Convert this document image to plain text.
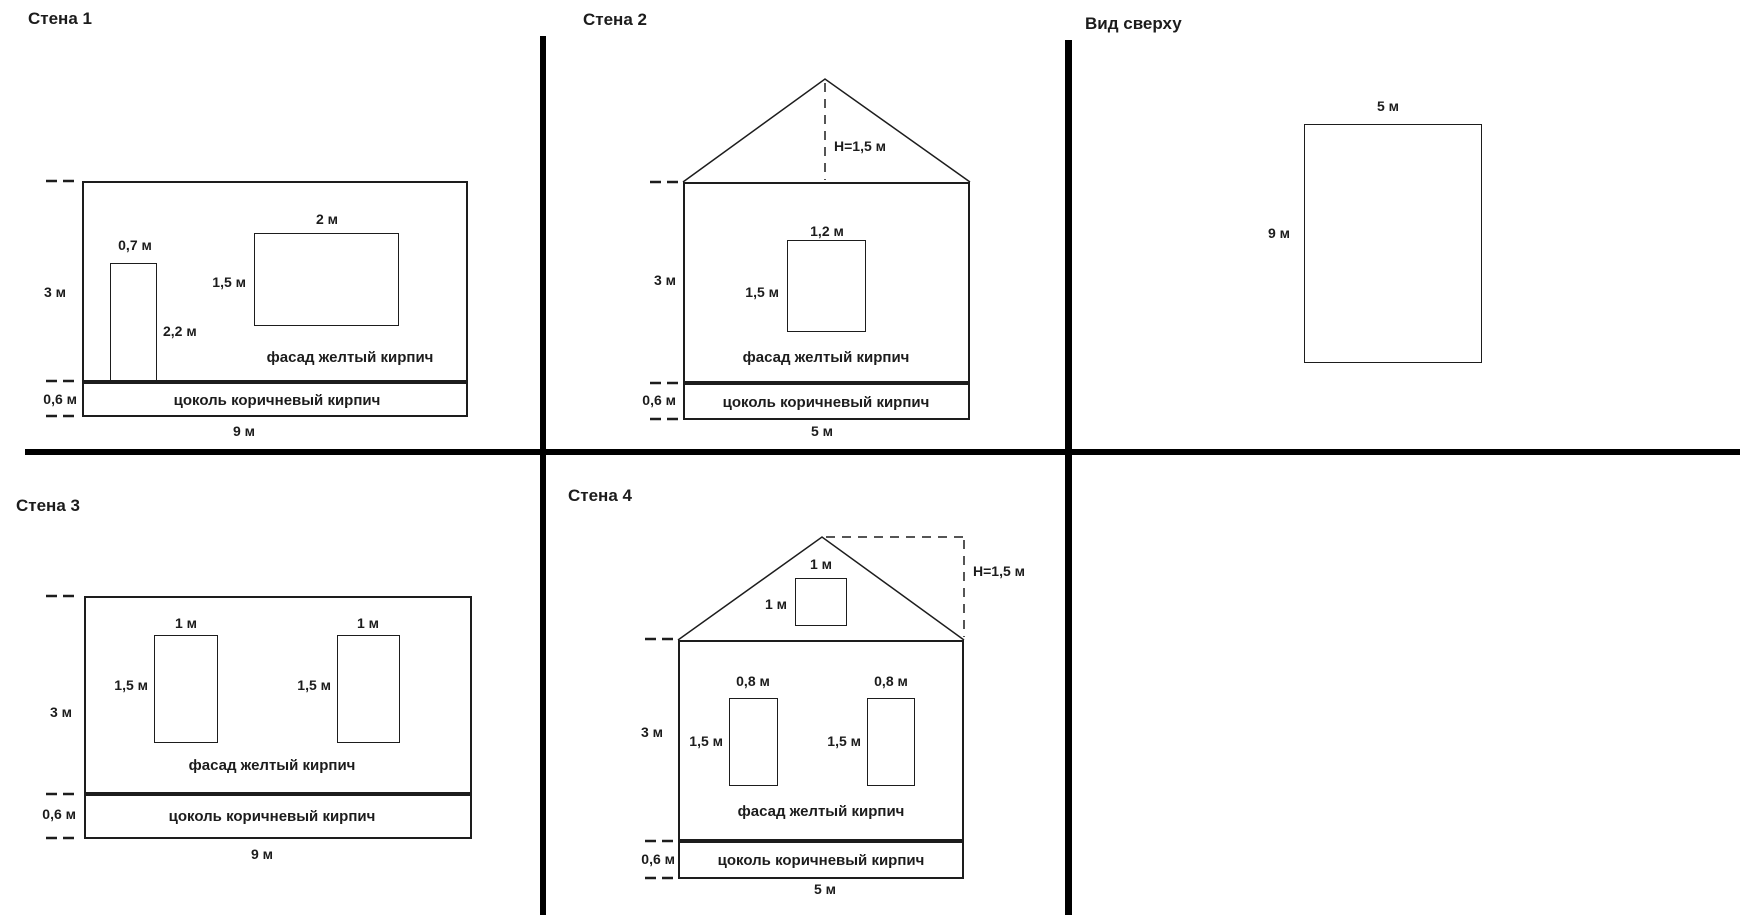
Стена 1
0,7 м
2,2 м
2 м
1,5 м
3 м
фасад желтый кирпич
0,6 м	цоколь коричневый кирпич
9 м
Стена 2
H=1,5 м
1,2 м
1,5 м
3 м
фасад желтый кирпич
0,6 м	цоколь коричневый кирпич
5 м
Вид сверху
5 м
9 м
Стена 3
1 м	1 м
1,5 м	1,5 м
3 м
фасад желтый кирпич
0,6 м	цоколь коричневый кирпич
9 м
Стена 4
H=1,5 м
1 м
1 м
0,8 м	0,8 м
1,5 м	1,5 м
3 м
фасад желтый кирпич
0,6 м	цоколь коричневый кирпич
5 м
